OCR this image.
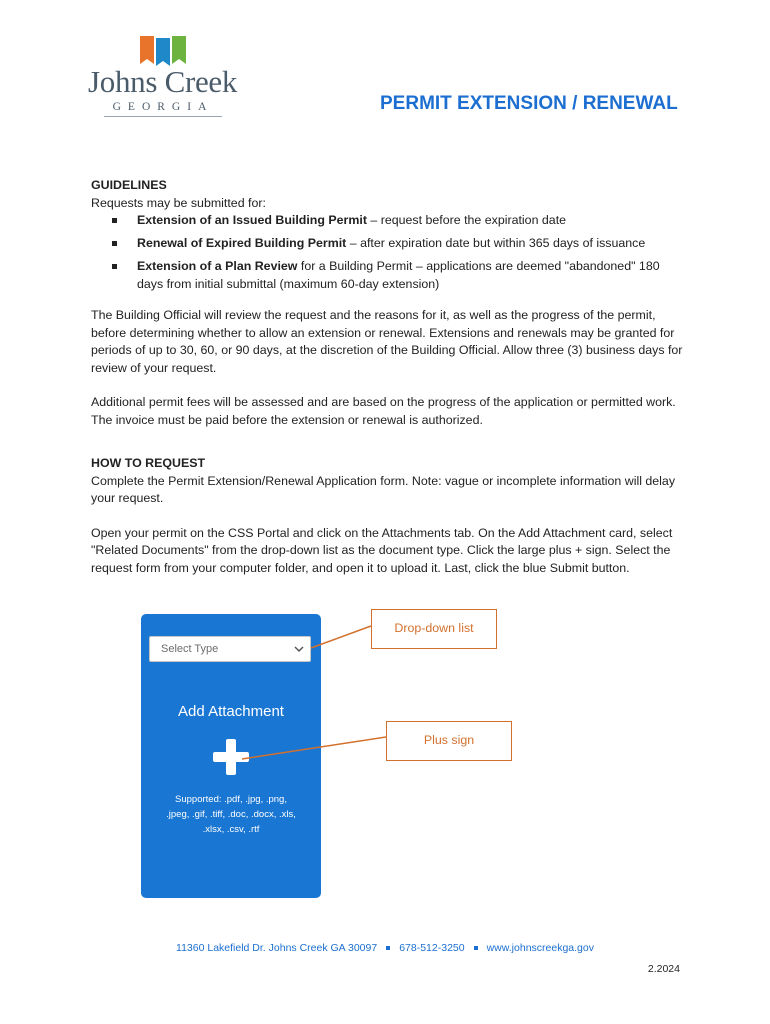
Johns Creek
GEORGIA	PERMIT EXTENSION / RENEWAL
GUIDELINES
Requests may be submitted for:
Extension of an Issued Building Permit – request before the expiration date
Renewal of Expired Building Permit – after expiration date but within 365 days of issuance
Extension of a Plan Review for a Building Permit – applications are deemed "abandoned" 180 days from initial submittal (maximum 60-day extension)

The Building Official will review the request and the reasons for it, as well as the progress of the permit, before determining whether to allow an extension or renewal. Extensions and renewals may be granted for periods of up to 30, 60, or 90 days, at the discretion of the Building Official. Allow three (3) business days for review of your request.

Additional permit fees will be assessed and are based on the progress of the application or permitted work. The invoice must be paid before the extension or renewal is authorized.

HOW TO REQUEST

Complete the Permit Extension/Renewal Application form. Note: vague or incomplete information will delay your request.

Open your permit on the CSS Portal and click on the Attachments tab. On the Add Attachment card, select "Related Documents" from the drop-down list as the document type. Click the large plus + sign. Select the request form from your computer folder, and open it to upload it. Last, click the blue Submit button.

Select Type
Add Attachment
Supported: .pdf, .jpg, .png, .jpeg, .gif, .tiff, .doc, .docx, .xls, .xlsx, .csv, .rtf
Drop-down list
Plus sign
11360 Lakefield Dr. Johns Creek GA 30097 678-512-3250 www.johnscreekga.gov
2.2024
